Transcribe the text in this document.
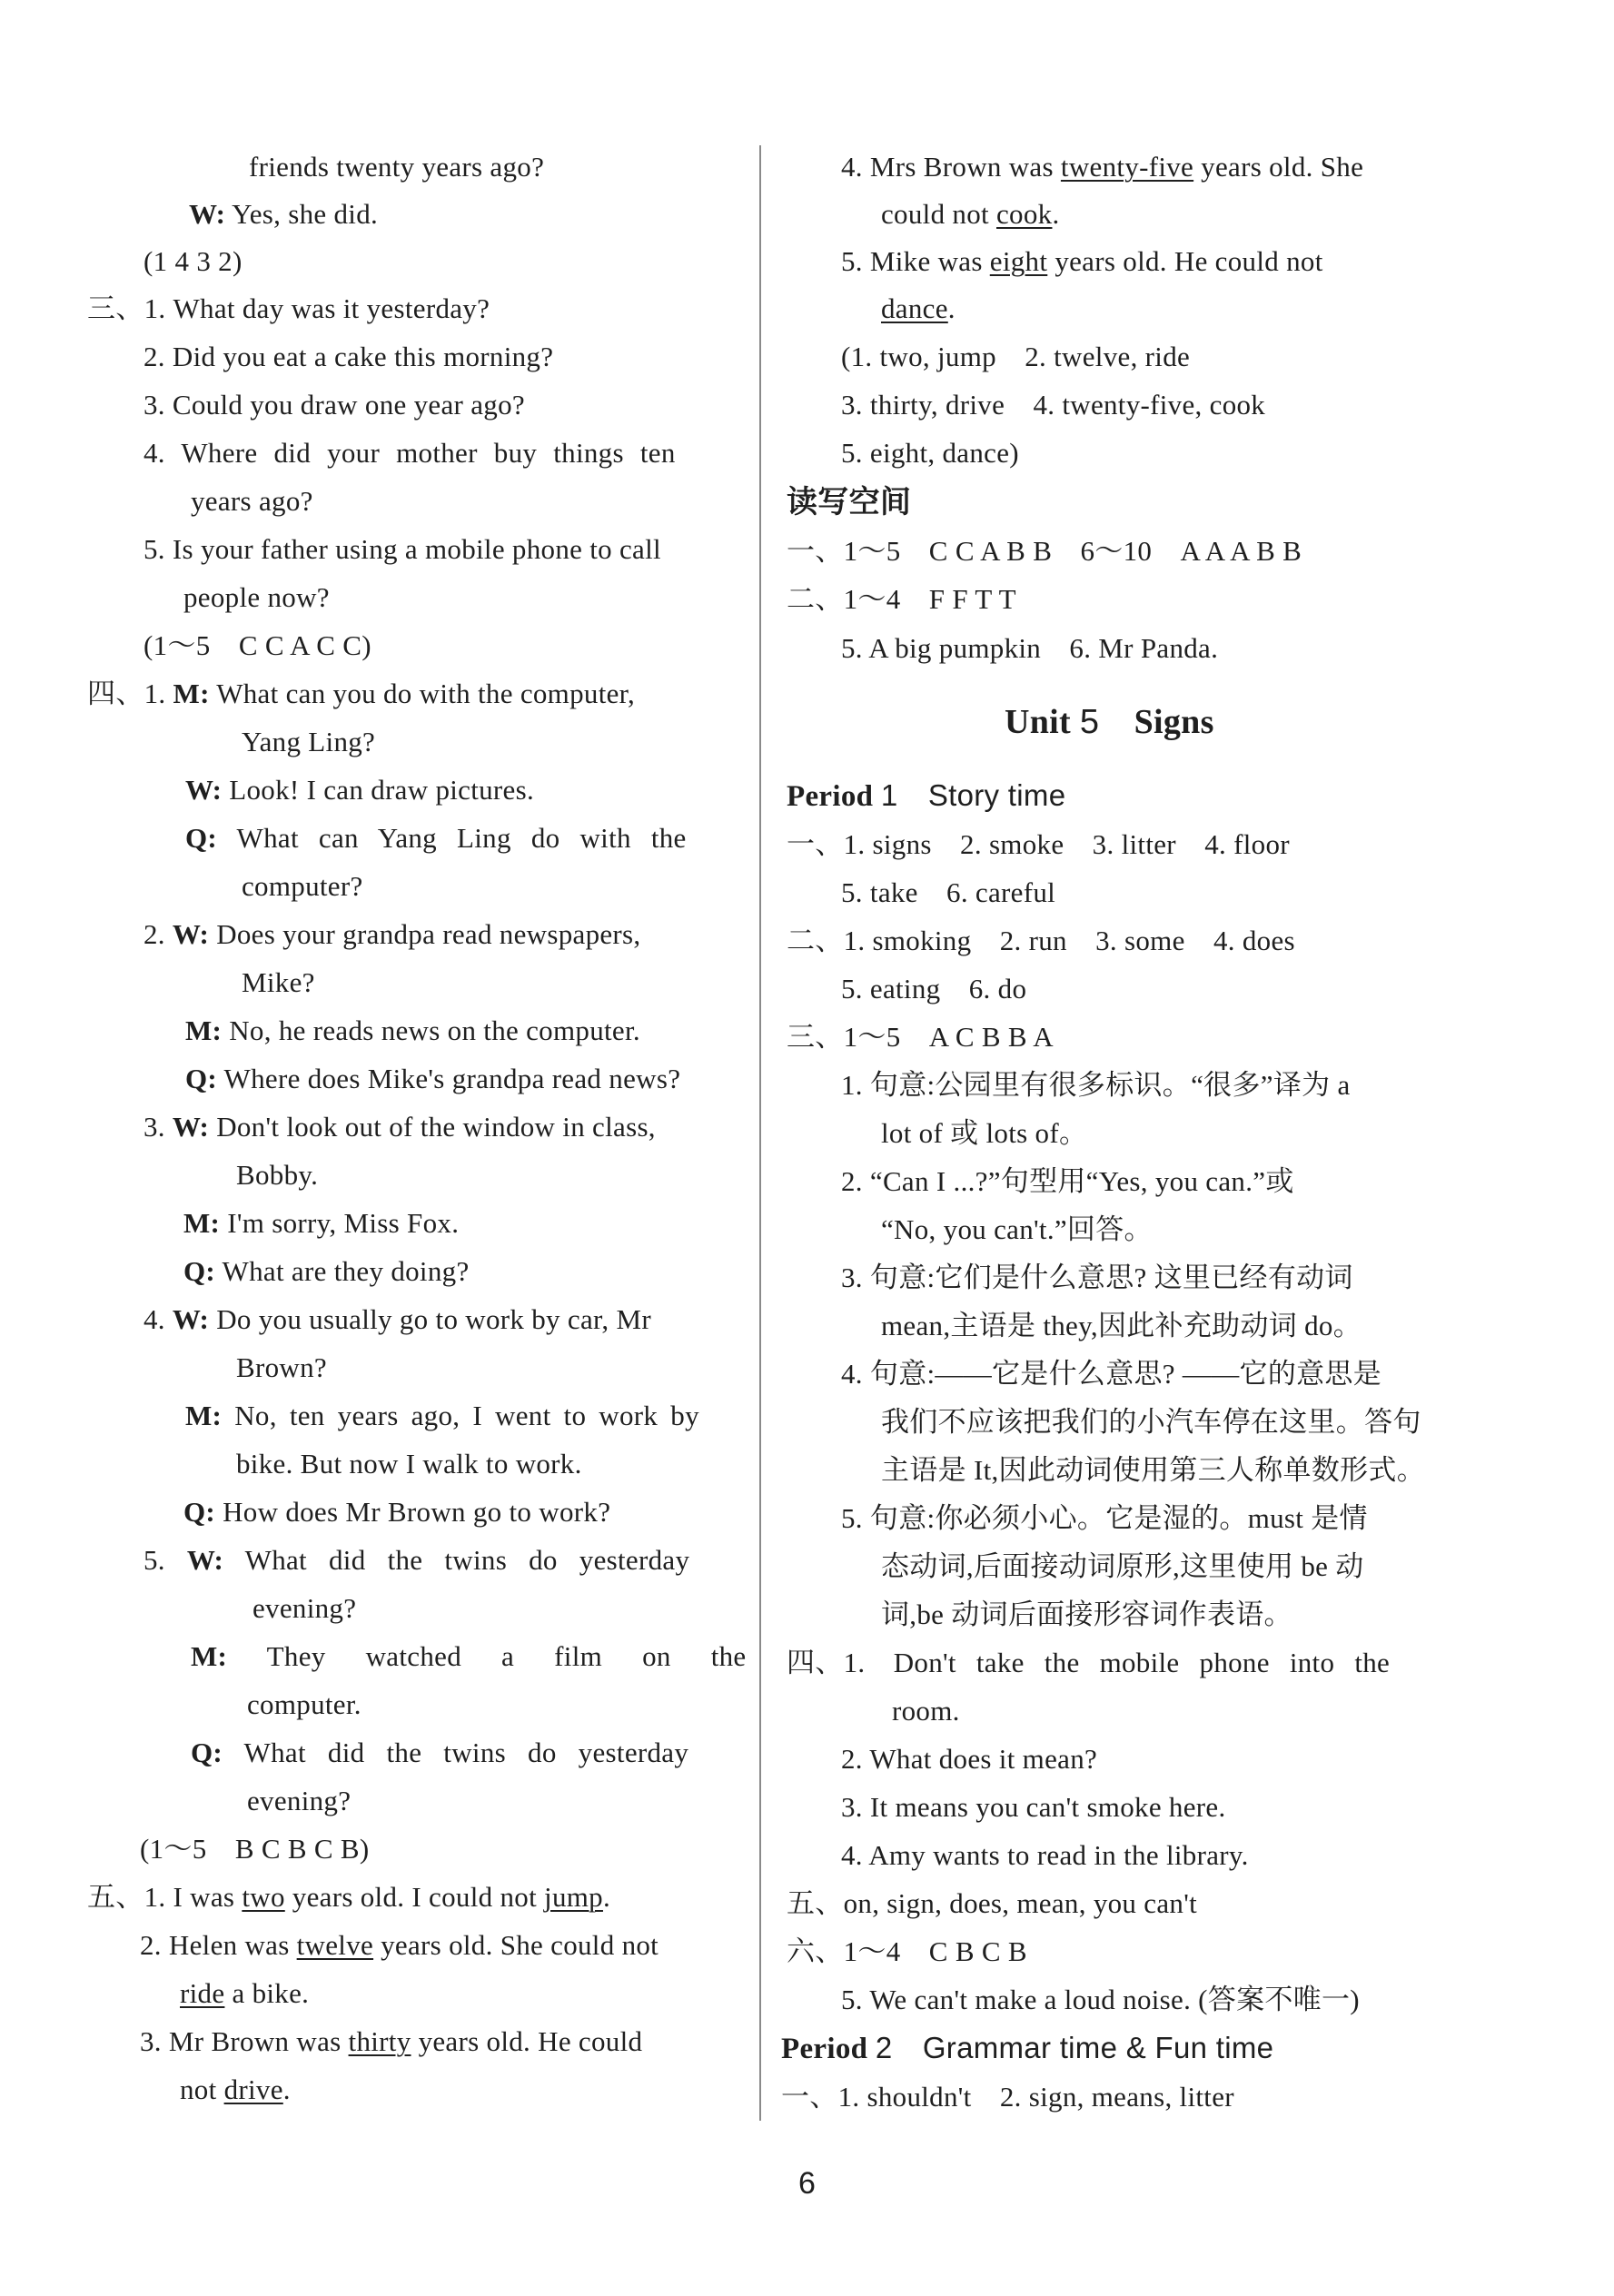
friends twenty years ago?
W: Yes, she did.
(1 4 3 2)
三、1. What day was it yesterday?
2. Did you eat a cake this morning?
3. Could you draw one year ago?
4. Where did your mother buy things ten
years ago?
5. Is your father using a mobile phone to call
people now?
(1～5　C C A C C)
四、1. M: What can you do with the computer,
Yang Ling?
W: Look! I can draw pictures.
Q: What can Yang Ling do with the
computer?
2. W: Does your grandpa read newspapers,
Mike?
M: No, he reads news on the computer.
Q: Where does Mike's grandpa read news?
3. W: Don't look out of the window in class,
Bobby.
M: I'm sorry, Miss Fox.
Q: What are they doing?
4. W: Do you usually go to work by car, Mr
Brown?
M: No, ten years ago, I went to work by
bike. But now I walk to work.
Q: How does Mr Brown go to work?
5. W: What did the twins do yesterday
evening?
M: They watched a film on the
computer.
Q: What did the twins do yesterday
evening?
(1～5　B C B C B)
五、1. I was two years old. I could not jump.
2. Helen was twelve years old. She could not
ride a bike.
3. Mr Brown was thirty years old. He could
not drive.
4. Mrs Brown was twenty-five years old. She
could not cook.
5. Mike was eight years old. He could not
dance.
(1. two, jump　2. twelve, ride
3. thirty, drive　4. twenty-five, cook
5. eight, dance)
读写空间
一、1～5　C C A B B　6～10　A A A B B
二、1～4　F F T T
5. A big pumpkin　6. Mr Panda.
Unit 5　 Signs
Period 1　 Story time
一、1. signs　2. smoke　3. litter　4. floor
5. take　6. careful
二、1. smoking　2. run　3. some　4. does
5. eating　6. do
三、1～5　A C B B A
1. 句意:公园里有很多标识。“很多”译为 a
lot of 或 lots of。
2. “Can I ...?”句型用“Yes, you can.”或
“No, you can't.”回答。
3. 句意:它们是什么意思? 这里已经有动词
mean,主语是 they,因此补充助动词 do。
4. 句意:——它是什么意思? ——它的意思是
我们不应该把我们的小汽车停在这里。答句
主语是 It,因此动词使用第三人称单数形式。
5. 句意:你必须小心。它是湿的。must 是情
态动词,后面接动词原形,这里使用 be 动
词,be 动词后面接形容词作表语。
四、1.　Don't take the mobile phone into the
room.
2. What does it mean?
3. It means you can't smoke here.
4. Amy wants to read in the library.
五、on, sign, does, mean, you can't
六、1～4　C B C B
5. We can't make a loud noise. (答案不唯一)
Period 2　 Grammar time & Fun time
一、1. shouldn't　2. sign, means, litter
6
